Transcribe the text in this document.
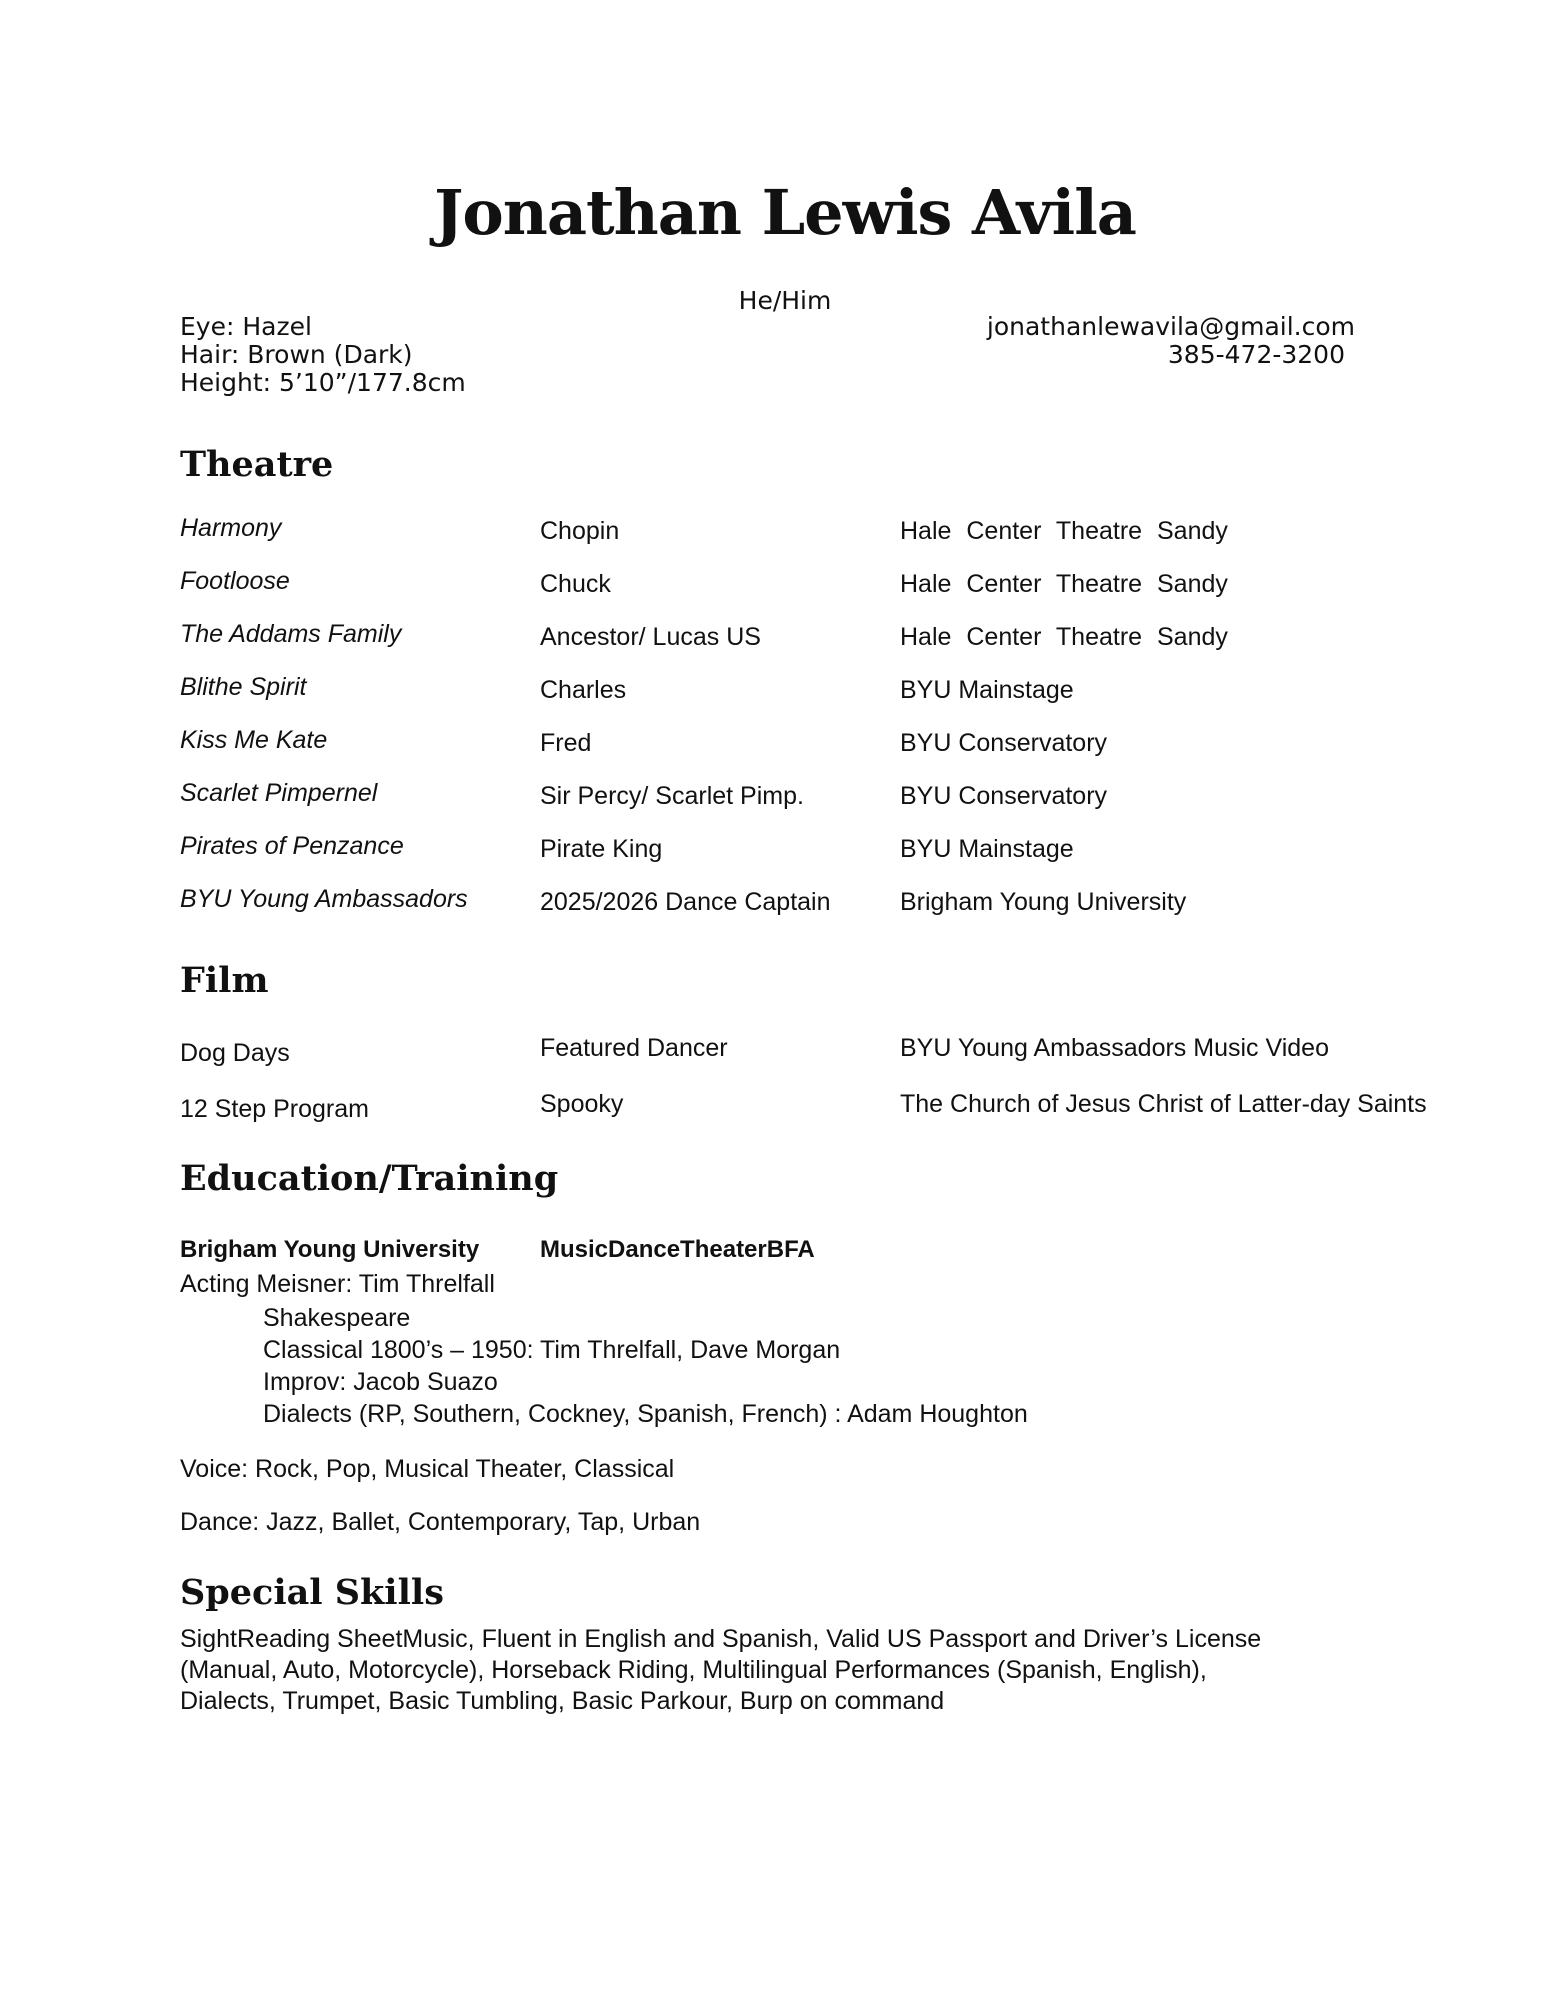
Jonathan Lewis Avila
He/Him
Eye: Hazel
Hair: Brown (Dark)
Height: 5’10”/177.8cm
jonathanlewavila@gmail.com
385-472-3200
Theatre
Harmony	Chopin	Hale Center Theatre Sandy
Footloose	Chuck	Hale Center Theatre Sandy
The Addams Family	Ancestor/ Lucas US	Hale Center Theatre Sandy
Blithe Spirit	Charles	BYU Mainstage
Kiss Me Kate	Fred	BYU Conservatory
Scarlet Pimpernel	Sir Percy/ Scarlet Pimp.	BYU Conservatory
Pirates of Penzance	Pirate King	BYU Mainstage
BYU Young Ambassadors	2025/2026 Dance Captain	Brigham Young University
Film
Dog Days	Featured Dancer	BYU Young Ambassadors Music Video
12 Step Program	Spooky	The Church of Jesus Christ of Latter-day Saints
Education/Training
Brigham Young University	MusicDanceTheaterBFA
Acting Meisner: Tim Threlfall
Shakespeare
Classical 1800’s – 1950: Tim Threlfall, Dave Morgan
Improv: Jacob Suazo
Dialects (RP, Southern, Cockney, Spanish, French) : Adam Houghton
Voice: Rock, Pop, Musical Theater, Classical
Dance: Jazz, Ballet, Contemporary, Tap, Urban
Special Skills
SightReading SheetMusic, Fluent in English and Spanish, Valid US Passport and Driver’s License
(Manual, Auto, Motorcycle), Horseback Riding, Multilingual Performances (Spanish, English),
Dialects, Trumpet, Basic Tumbling, Basic Parkour, Burp on command
